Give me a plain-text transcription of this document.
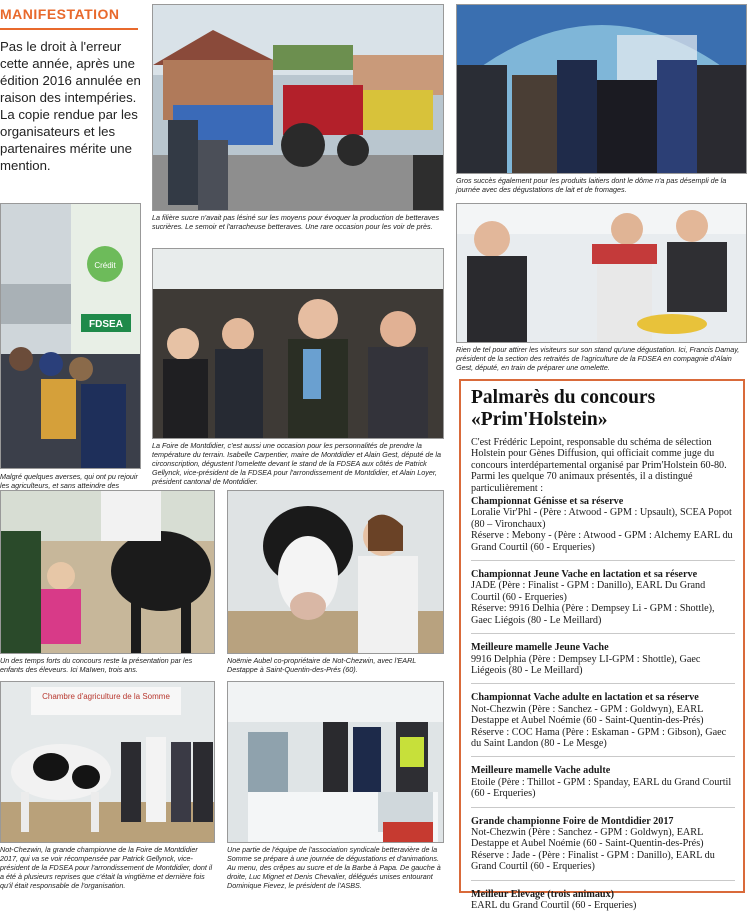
MANIFESTATION

Pas le droit à l'erreur cette année, après une édition 2016 annulée en raison des intempéries. La copie rendue par les organisateurs et les partenaires mérite une mention.

La filière sucre n'avait pas lésiné sur les moyens pour évoquer la production de betteraves sucrières. Le semoir et l'arracheuse betteraves. Une rare occasion pour les voir de près.

Gros succès également pour les produits laitiers dont le dôme n'a pas désempli de la journée avec des dégustations de lait et de fromages.

Crédit
FDSEA

Malgré quelques averses, qui ont pu rejouir les agriculteurs, et sans atteindre des

La Foire de Montdidier, c'est aussi une occasion pour les personnalités de prendre la température du terrain. Isabelle Carpentier, maire de Montdidier et Alain Gest, député de la circonscription, dégustent l'omelette devant le stand de la FDSEA aux côtés de Patrick Gellynck, vice-président de la FDSEA pour l'arrondissement de Montdidier, et Alain Loyer, président cantonal de Montdidier.

Rien de tel pour attirer les visiteurs sur son stand qu'une dégustation. Ici, Francis Damay, président de la section des retraités de l'agriculture de la FDSEA en compagnie d'Alain Gest, député, en train de préparer une omelette.

Un des temps forts du concours reste la présentation par les enfants des éleveurs. Ici Maïwen, trois ans.

Noëmie Aubel co-propriétaire de Not-Chezwin, avec l'EARL Destappe à Saint-Quentin-des-Prés (60).

Chambre d'agriculture de la Somme

Not-Chezwin, la grande championne de la Foire de Montdidier 2017, qui va se voir récompensée par Patrick Gellynck, vice-président de la FDSEA pour l'arrondissement de Montdidier, dont il a été à plusieurs reprises que c'était la vingtième et dernière fois qu'il était responsable de l'organisation.

Une partie de l'équipe de l'association syndicale betteravière de la Somme se prépare à une journée de dégustations et d'animations. Au menu, des crêpes au sucre et de la Barbe à Papa. De gauche à droite, Luc Mignet et Denis Chevalier, délégués unises entourant Dominique Fievez, le président de l'ASBS.

Palmarès du concours «Prim'Holstein»

C'est Frédéric Lepoint, responsable du schéma de sélection Holstein pour Gènes Diffusion, qui officiait comme juge du concours interdépartemental organisé par Prim'Holstein 60-80.

Parmi les quelque 70 animaux présentés, il a distingué particulièrement :

Championnat Génisse et sa réserve

Loralie Vir'Phl - (Père : Atwood - GPM : Upsault), SCEA Popot (80 – Vironchaux)

Réserve : Mebony - (Père : Atwood - GPM : Alchemy EARL du Grand Courtil (60 - Erqueries)

Championnat Jeune Vache en lactation et sa réserve

JADE (Père : Finalist - GPM : Danillo), EARL Du Grand Courtil (60 - Erqueries)

Réserve: 9916 Delhia (Père : Dempsey Li - GPM : Shottle), Gaec Liégois (80 - Le Meillard)

Meilleure mamelle Jeune Vache

9916 Delphia (Père : Dempsey LI-GPM : Shottle), Gaec Liégeois (80 - Le Meillard)

Championnat Vache adulte en lactation et sa réserve

Not-Chezwin (Père : Sanchez - GPM : Goldwyn), EARL Destappe et Aubel Noémie (60 - Saint-Quentin-des-Prés)

Réserve : COC Hama (Père : Eskaman - GPM : Gibson), Gaec du Saint Landon (80 - Le Mesge)

Meilleure mamelle Vache adulte

Etoile (Père : Thillot - GPM : Spanday, EARL du Grand Courtil (60 - Erqueries)

Grande championne Foire de Montdidier 2017

Not-Chezwin (Père : Sanchez - GPM : Goldwyn), EARL Destappe et Aubel Noémie (60 - Saint-Quentin-des-Prés)

Réserve : Jade - (Père : Finalist - GPM : Danillo), EARL du Grand Courtil (60 - Erqueries)

Meilleur Elevage (trois animaux)

EARL du Grand Courtil (60 - Erqueries)
